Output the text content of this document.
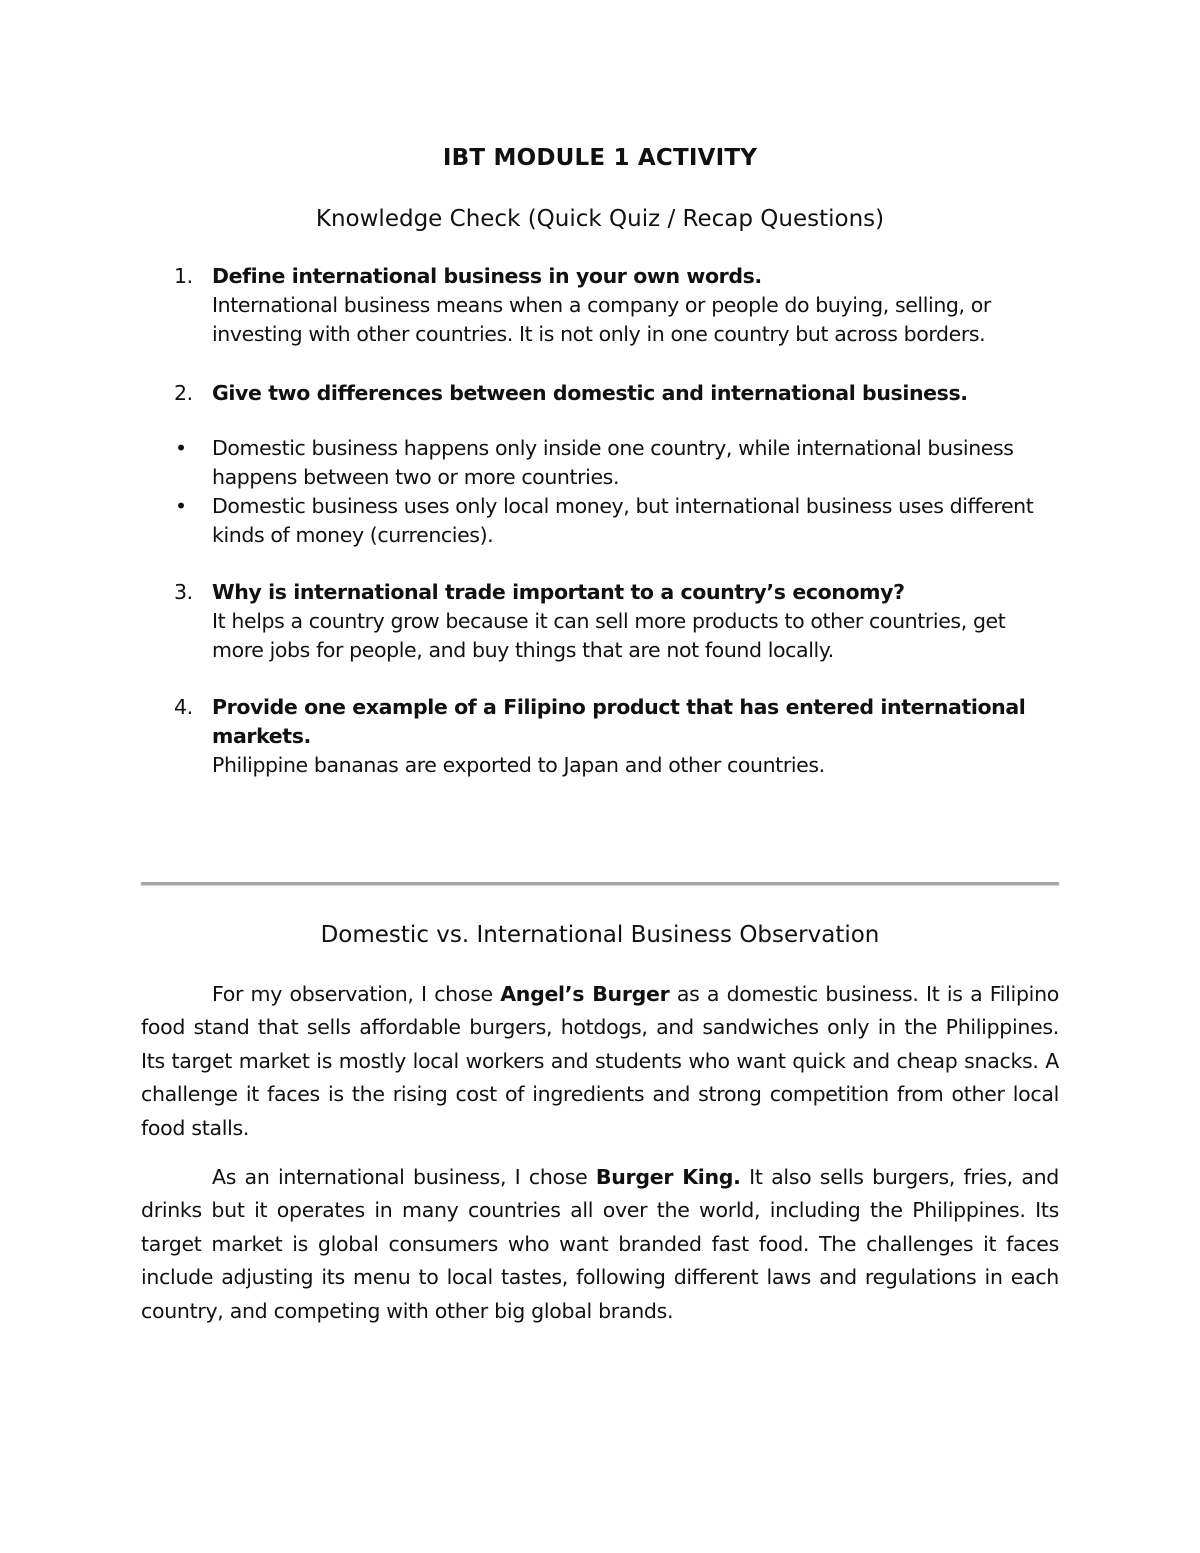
IBT MODULE 1 ACTIVITY
Knowledge Check (Quick Quiz / Recap Questions)
1. Define international business in your own words.
International business means when a company or people do buying, selling, or investing with other countries. It is not only in one country but across borders.
2. Give two differences between domestic and international business.
• Domestic business happens only inside one country, while international business happens between two or more countries.
• Domestic business uses only local money, but international business uses different kinds of money (currencies).
3. Why is international trade important to a country’s economy?
It helps a country grow because it can sell more products to other countries, get more jobs for people, and buy things that are not found locally.
4. Provide one example of a Filipino product that has entered international markets.
Philippine bananas are exported to Japan and other countries.
Domestic vs. International Business Observation

For my observation, I chose Angel’s Burger as a domestic business. It is a Filipino food stand that sells affordable burgers, hotdogs, and sandwiches only in the Philippines. Its target market is mostly local workers and students who want quick and cheap snacks. A challenge it faces is the rising cost of ingredients and strong competition from other local food stalls.

As an international business, I chose Burger King. It also sells burgers, fries, and drinks but it operates in many countries all over the world, including the Philippines. Its target market is global consumers who want branded fast food. The challenges it faces include adjusting its menu to local tastes, following different laws and regulations in each country, and competing with other big global brands.
